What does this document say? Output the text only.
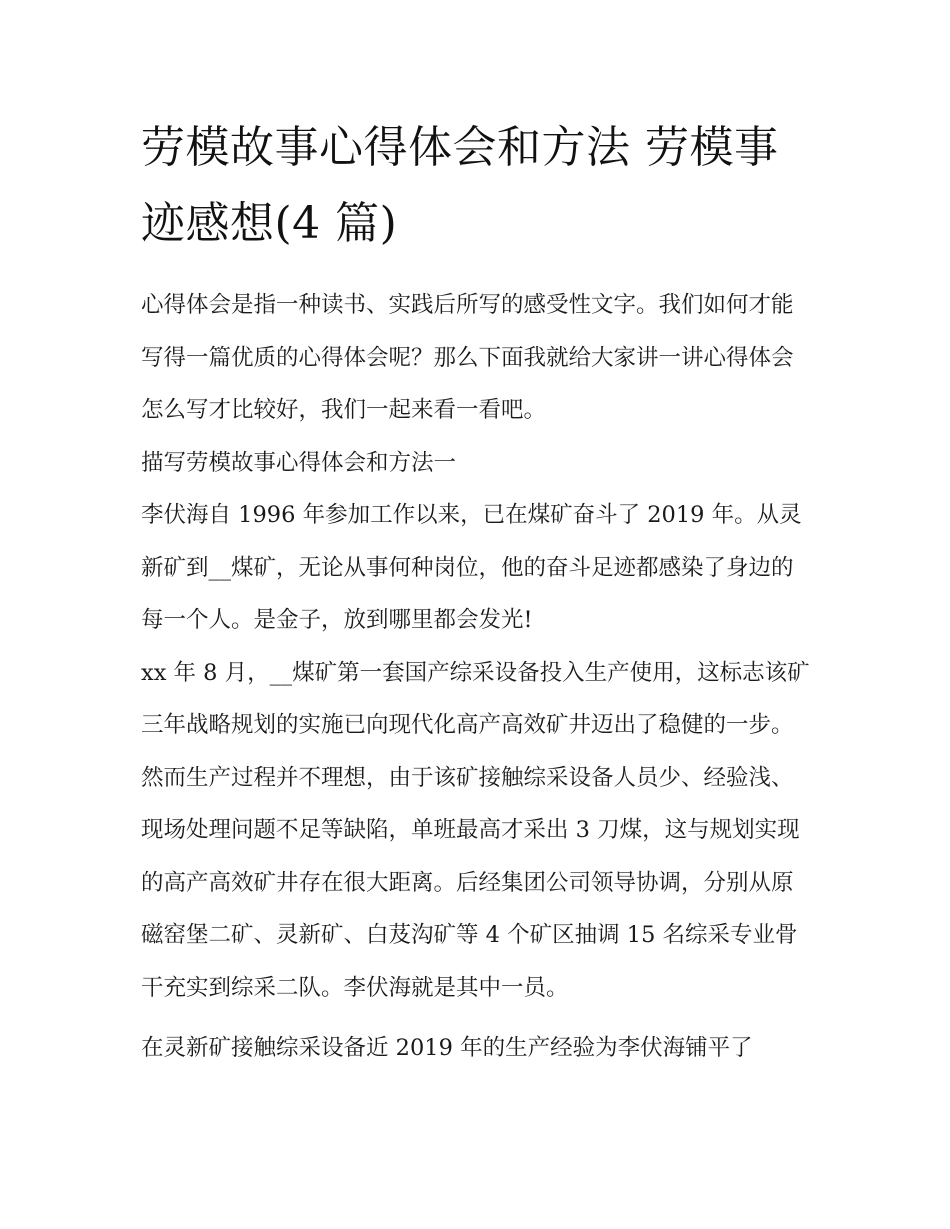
劳模故事心得体会和方法 劳模事迹感想(4 篇)

心得体会是指一种读书、实践后所写的感受性文字。我们如何才能写得一篇优质的心得体会呢？那么下面我就给大家讲一讲心得体会怎么写才比较好，我们一起来看一看吧。

描写劳模故事心得体会和方法一

李伏海自 1996 年参加工作以来，已在煤矿奋斗了 2019 年。从灵新矿到__煤矿，无论从事何种岗位，他的奋斗足迹都感染了身边的每一个人。是金子，放到哪里都会发光!

xx 年 8 月，__煤矿第一套国产综采设备投入生产使用，这标志该矿三年战略规划的实施已向现代化高产高效矿井迈出了稳健的一步。然而生产过程并不理想，由于该矿接触综采设备人员少、经验浅、现场处理问题不足等缺陷，单班最高才采出 3 刀煤，这与规划实现的高产高效矿井存在很大距离。后经集团公司领导协调，分别从原磁窑堡二矿、灵新矿、白芨沟矿等 4 个矿区抽调 15 名综采专业骨干充实到综采二队。李伏海就是其中一员。

在灵新矿接触综采设备近 2019 年的生产经验为李伏海铺平了
